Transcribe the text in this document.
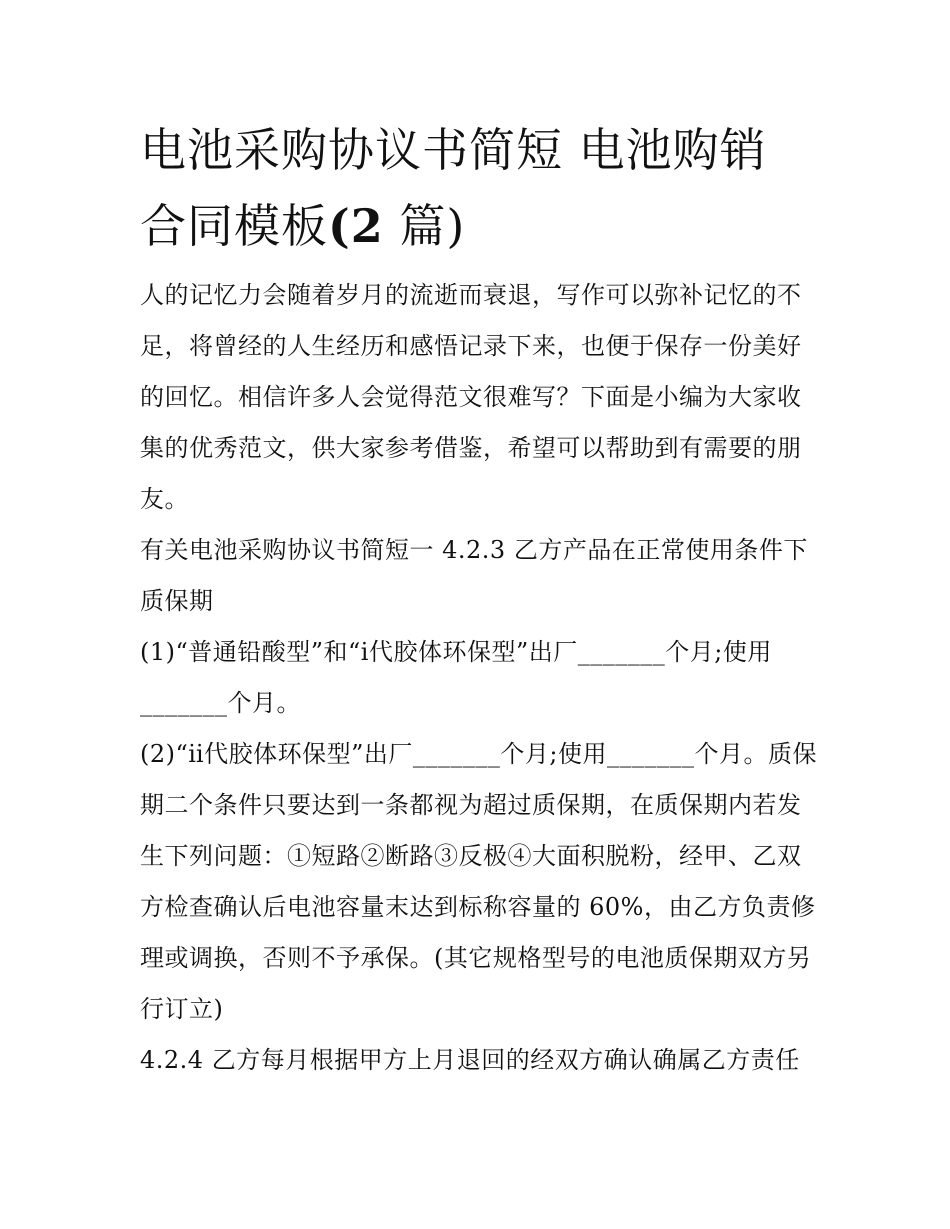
电池采购协议书简短 电池购销
合同模板(2 篇)

人的记忆力会随着岁月的流逝而衰退，写作可以弥补记忆的不足，将曾经的人生经历和感悟记录下来，也便于保存一份美好的回忆。相信许多人会觉得范文很难写？下面是小编为大家收集的优秀范文，供大家参考借鉴，希望可以帮助到有需要的朋友。

有关电池采购协议书简短一 4.2.3 乙方产品在正常使用条件下质保期

(1)“普通铅酸型”和“ⅰ代胶体环保型”出厂_______个月;使用_______个月。

(2)“ⅱ代胶体环保型”出厂_______个月;使用_______个月。质保期二个条件只要达到一条都视为超过质保期，在质保期内若发生下列问题：①短路②断路③反极④大面积脱粉，经甲、乙双方检查确认后电池容量末达到标称容量的 60%，由乙方负责修理或调换，否则不予承保。(其它规格型号的电池质保期双方另行订立)

4.2.4 乙方每月根据甲方上月退回的经双方确认确属乙方责任
